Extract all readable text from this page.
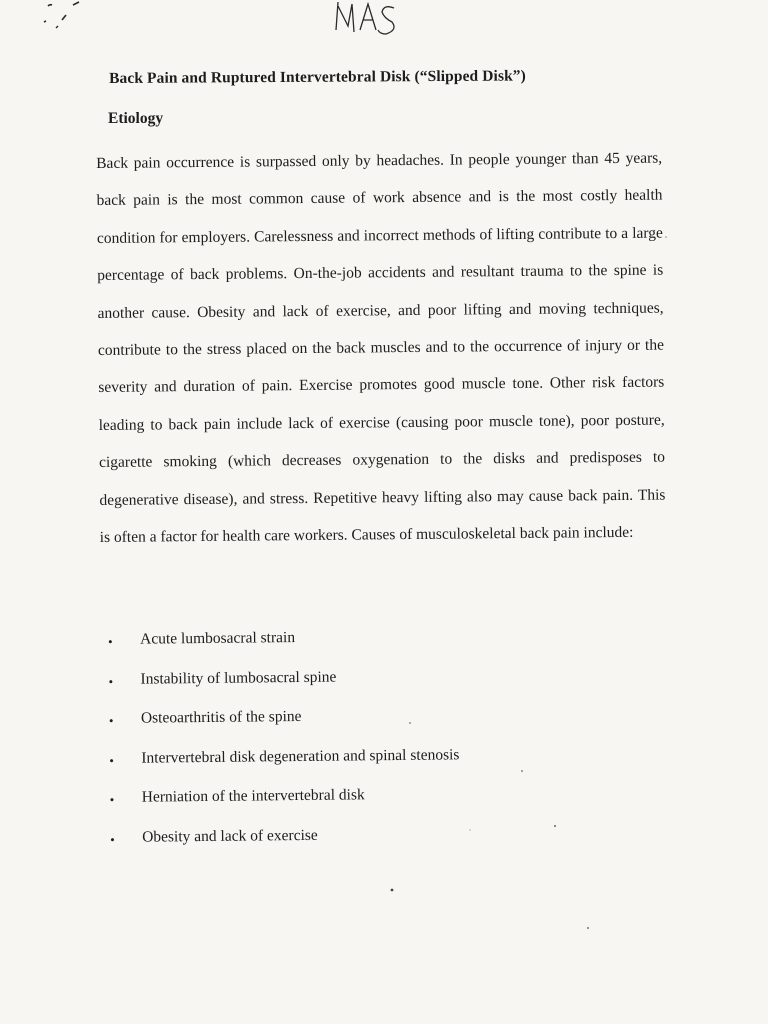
Back Pain and Ruptured Intervertebral Disk (“Slipped Disk”)
Etiology

Back pain occurrence is surpassed only by headaches. In people younger than 45 years, back pain is the most common cause of work absence and is the most costly health condition for employers. Carelessness and incorrect methods of lifting contribute to a large percentage of back problems. On-the-job accidents and resultant trauma to the spine is another cause. Obesity and lack of exercise, and poor lifting and moving techniques, contribute to the stress placed on the back muscles and to the occurrence of injury or the severity and duration of pain. Exercise promotes good muscle tone. Other risk factors leading to back pain include lack of exercise (causing poor muscle tone), poor posture, cigarette smoking (which decreases oxygenation to the disks and predisposes to degenerative disease), and stress. Repetitive heavy lifting also may cause back pain. This is often a factor for health care workers. Causes of musculoskeletal back pain include:

•	Acute lumbosacral strain
•	Instability of lumbosacral spine
•	Osteoarthritis of the spine
•	Intervertebral disk degeneration and spinal stenosis
•	Herniation of the intervertebral disk
•	Obesity and lack of exercise
